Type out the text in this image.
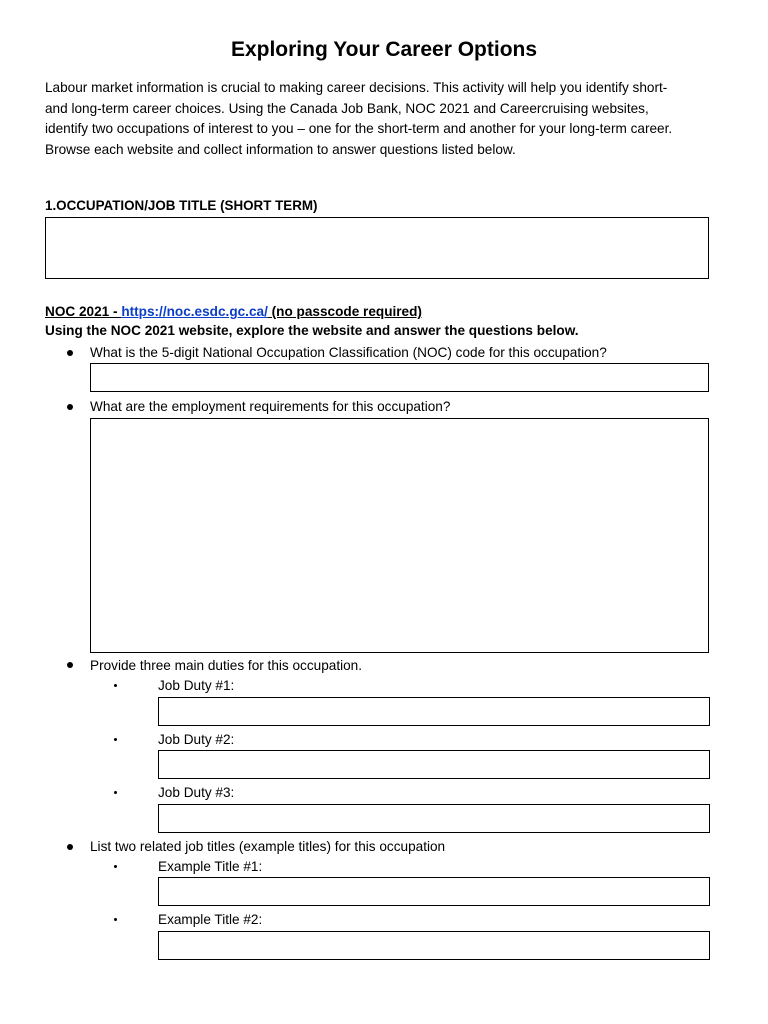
Exploring Your Career Options

Labour market information is crucial to making career decisions. This activity will help you identify short-

and long-term career choices. Using the Canada Job Bank, NOC 2021 and Careercruising websites,

identify two occupations of interest to you – one for the short-term and another for your long-term career.

Browse each website and collect information to answer questions listed below.

1.OCCUPATION/JOB TITLE (SHORT TERM)
NOC 2021 - https://noc.esdc.gc.ca/ (no passcode required)
Using the NOC 2021 website, explore the website and answer the questions below.
What is the 5-digit National Occupation Classification (NOC) code for this occupation?
What are the employment requirements for this occupation?
Provide three main duties for this occupation.
Job Duty #1:
Job Duty #2:
Job Duty #3:
List two related job titles (example titles) for this occupation
Example Title #1:
Example Title #2:
